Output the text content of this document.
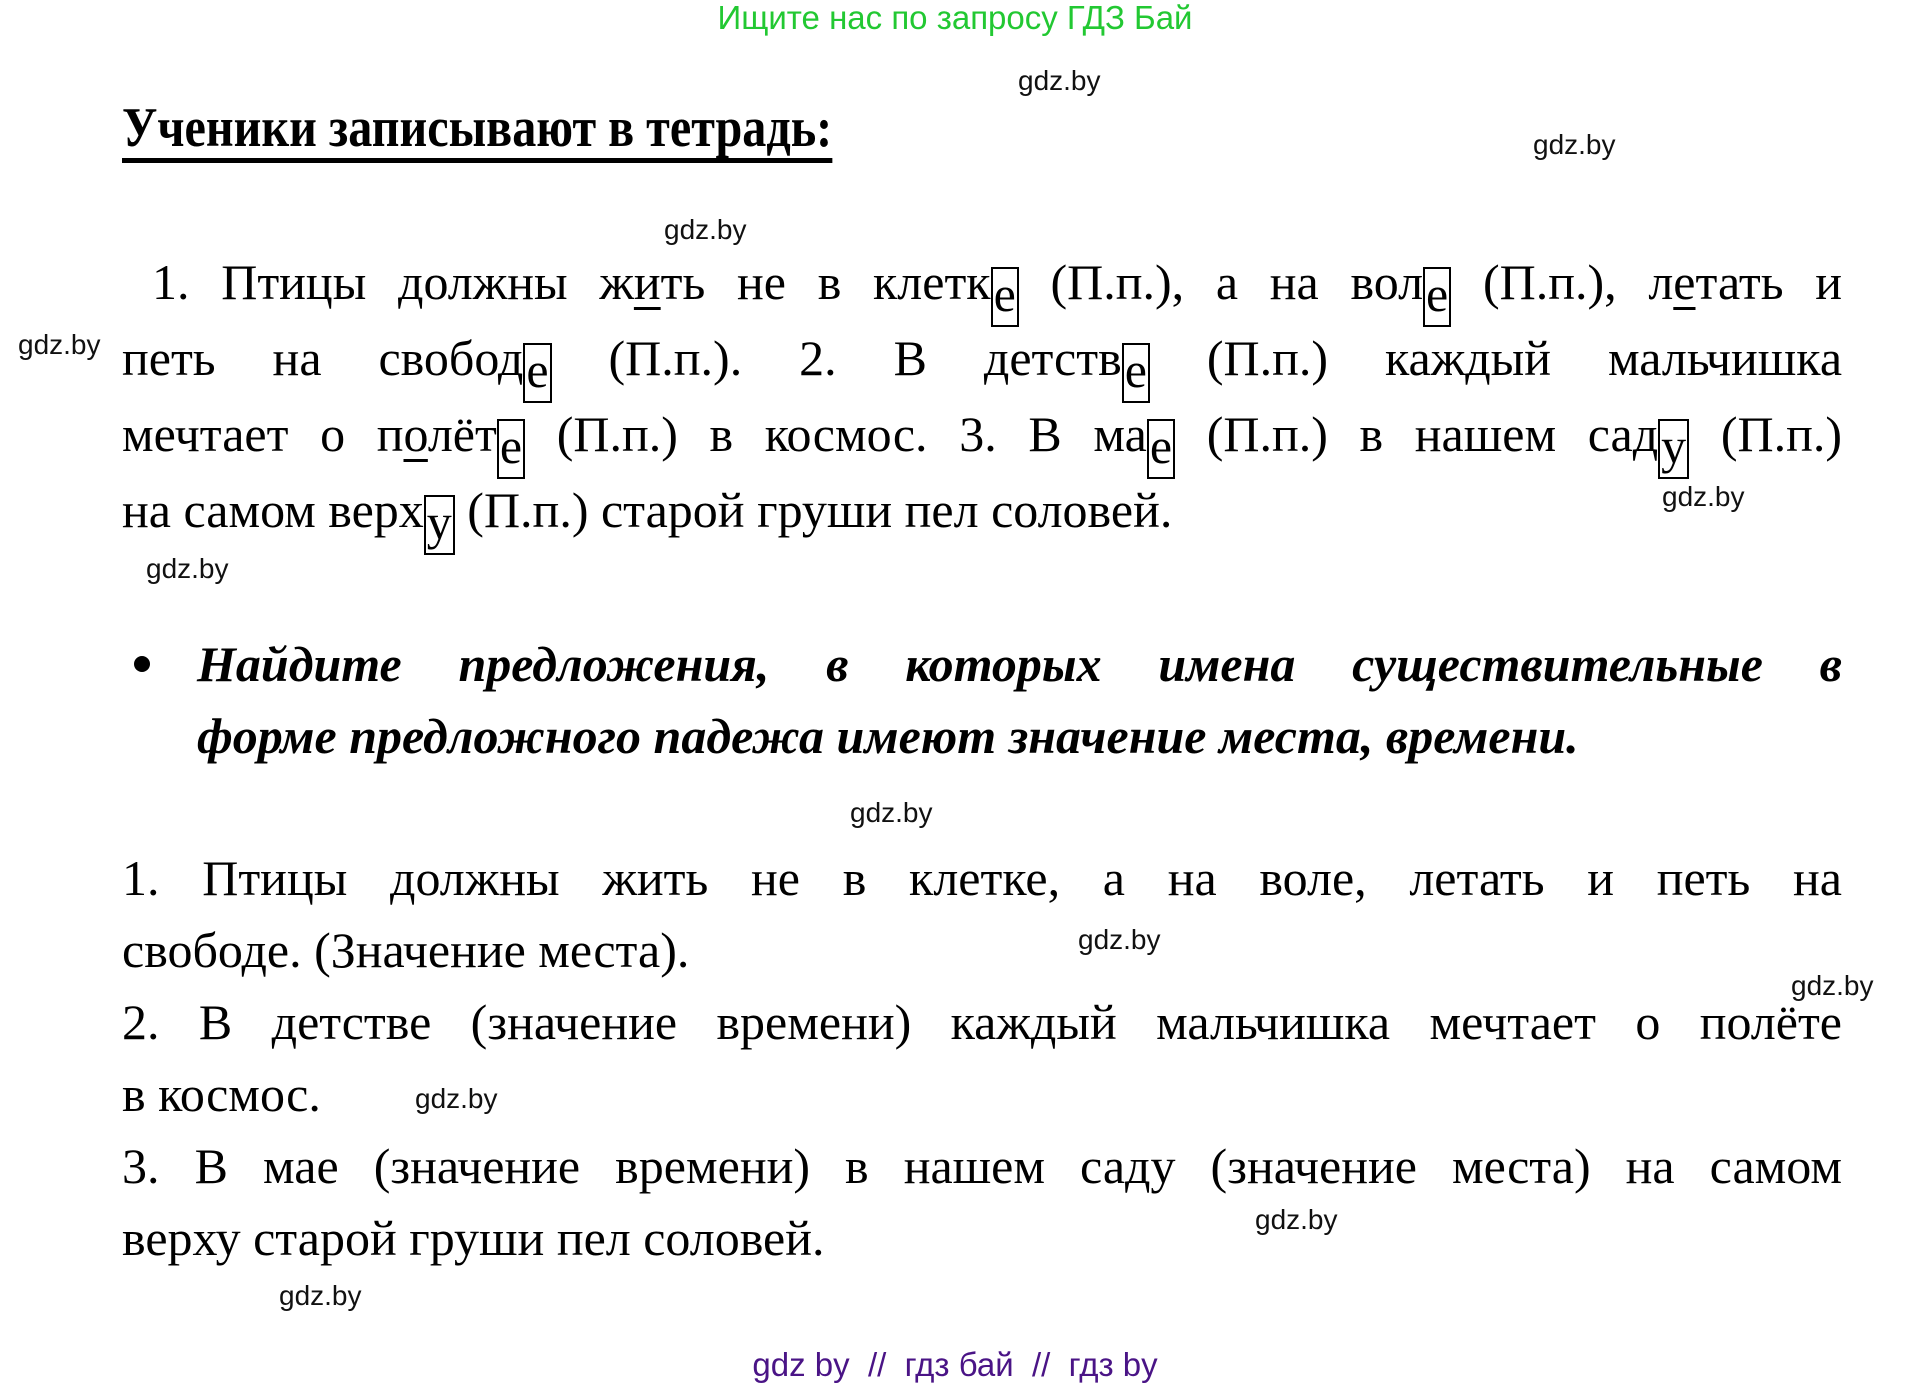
Ищите нас по запросу ГДЗ Бай
gdz.by
gdz.by
gdz.by
gdz.by
gdz.by
gdz.by
gdz.by
gdz.by
gdz.by
gdz.by
gdz.by
gdz.by
Ученики записывают в тетрадь:
1. Птицы должны жить не в клетке (П.п.), а на воле (П.п.), летать и
петь на свободе (П.п.). 2. В детстве (П.п.) каждый мальчишка
мечтает о полёте (П.п.) в космос. 3. В мае (П.п.) в нашем саду (П.п.)
на самом верху (П.п.) старой груши пел соловей.
Найдите предложения, в которых имена существительные в
форме предложного падежа имеют значение места, времени.
1. Птицы должны жить не в клетке, а на воле, летать и петь на
свободе. (Значение места).
2. В детстве (значение времени) каждый мальчишка мечтает о полёте
в космос.
3. В мае (значение времени) в нашем саду (значение места) на самом
верху старой груши пел соловей.
gdz by  //  гдз бай  //  гдз by
